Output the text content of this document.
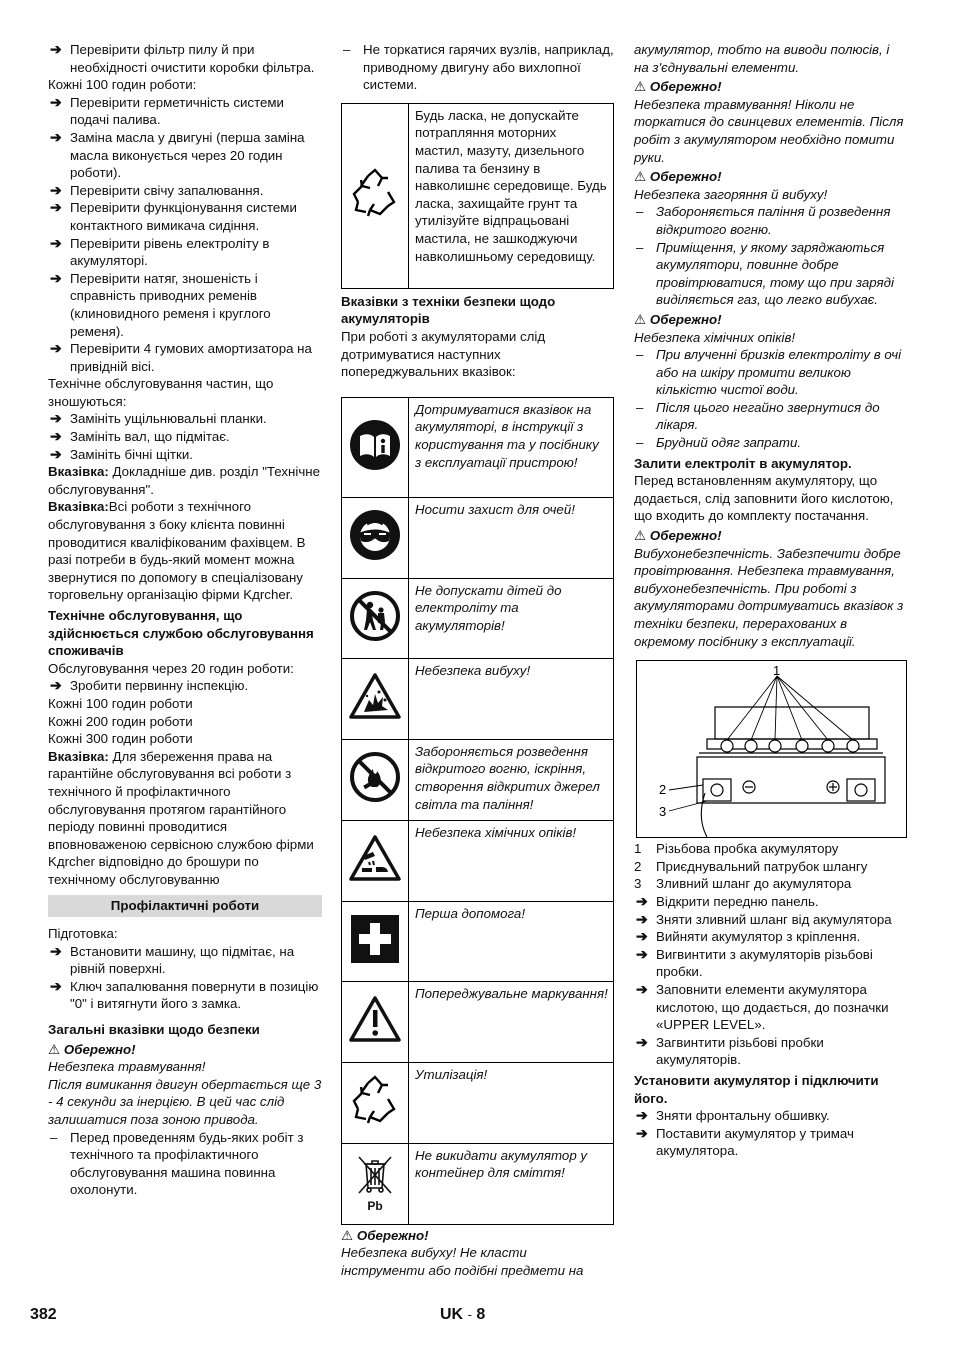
➔ Перевірити фільтр пилу й при необхідності очистити коробки фільтра.

Кожні 100 годин роботи:

➔ Перевірити герметичність системи подачі палива.

➔ Заміна масла у двигуні (перша заміна масла виконується через 20 годин роботи).

➔ Перевірити свічу запалювання.

➔ Перевірити функціонування системи контактного вимикача сидіння.

➔ Перевірити рівень електроліту в акумуляторі.

➔ Перевірити натяг, зношеність і справність приводних ременів (клиновидного ременя і круглого ременя).

➔ Перевірити 4 гумових амортизатора на привідній вісі.

Технічне обслуговування частин, що зношуються:

➔ Замініть ущільнювальні планки.

➔ Замініть вал, що підмітає.

➔ Замініть бічні щітки.

Вказівка: Докладніше див. розділ "Технічне обслуговування".

Вказівка:Всі роботи з технічного обслуговування з боку клієнта повинні проводитися кваліфікованим фахівцем. В разі потреби в будь-який момент можна звернутися по допомогу в спеціалізовану торговельну організацію фірми Kдrcher.

Технічне обслуговування, що здійснюється службою обслуговування споживачів

Обслуговування через 20 годин роботи:

➔ Зробити первинну інспекцію.

Кожні 100 годин роботи

Кожні 200 годин роботи

Кожні 300 годин роботи

Вказівка: Для збереження права на гарантійне обслуговування всі роботи з технічного й профілактичного обслуговування протягом гарантійного періоду повинні проводитися вповноваженою сервісною службою фірми Kдrcher відповідно до брошури по технічному обслуговуванню

Профілактичні роботи

Підготовка:

➔ Встановити машину, що підмітає, на рівній поверхні.

➔ Ключ запалювання повернути в позицію "0" і витягнути його з замка.

Загальні вказівки щодо безпеки

⚠ Обережно!

Небезпека травмування!

Після вимикання двигун обертається ще 3 - 4 секунди за інерцією. В цей час слід залишатися поза зоною привода.

– Перед проведенням будь-яких робіт з технічного та профілактичного обслуговування машина повинна охолонути.

– Не торкатися гарячих вузлів, наприклад, приводному двигуну або вихлопної системи.

	Будь ласка, не допускайте потрапляння моторних мастил, мазуту, дизельного палива та бензину в навколишнє середовище. Будь ласка, захищайте грунт та утилізуйте відпрацьовані мастила, не зашкоджуючи навколишньому середовищу.

Вказівки з техніки безпеки щодо акумуляторів

При роботі з акумуляторами слід дотримуватися наступних попереджувальних вказівок:

	Дотримуватися вказівок на акумуляторі, в інструкції з користування та у посібнику з експлуатації пристрою!
	Носити захист для очей!
	Не допускати дітей до електроліту та акумуляторів!
	Небезпека вибуху!
	Забороняється розведення відкритого вогню, іскріння, створення відкритих джерел світла та паління!
	Небезпека хімічних опіків!
	Перша допомога!
	Попереджувальне маркування!
	Утилізація!

Pb	Не викидати акумулятор у контейнер для сміття!

⚠ Обережно!

Небезпека вибуху! Не класти інструменти або подібні предмети на

акумулятор, тобто на виводи полюсів, і на з'єднувальні елементи.

⚠ Обережно!

Небезпека травмування! Ніколи не торкатися до свинцевих елементів. Після робіт з акумулятором необхідно помити руки.

⚠ Обережно!

Небезпека загоряння й вибуху!

– Забороняється паління й розведення відкритого вогню.

– Приміщення, у якому заряджаються акумулятори, повинне добре провітрюватися, тому що при заряді виділяється газ, що легко вибухає.

⚠ Обережно!

Небезпека хімічних опіків!

– При влученні бризків електроліту в очі або на шкіру промити великою кількістю чистої води.

– Після цього негайно звернутися до лікаря.

– Брудний одяг запрати.

Залити електроліт в акумулятор.

Перед встановленням акумулятору, що додається, слід заповнити його кислотою, що входить до комплекту постачання.

⚠ Обережно!

Вибухонебезпечність. Забезпечити добре провітрювання. Небезпека травмування, вибухонебезпечність. При роботі з акумуляторами дотримуватись вказівок з техніки безпеки, перерахованих в окремому посібнику з експлуатації.

1
2
3

1 Різьбова пробка акумулятору

2 Приєднувальний патрубок шлангу

3 Зливний шланг до акумулятора

➔ Відкрити передню панель.

➔ Зняти зливний шланг від акумулятора

➔ Вийняти акумулятор з кріплення.

➔ Вигвинтити з акумуляторів різьбові пробки.

➔ Заповнити елементи акумулятора кислотою, що додається, до позначки «UPPER LEVEL».

➔ Загвинтити різьбові пробки акумуляторів.

Установити акумулятор і підключити його.

➔ Зняти фронтальну обшивку.

➔ Поставити акумулятор у тримач акумулятора.

382	UK - 8
